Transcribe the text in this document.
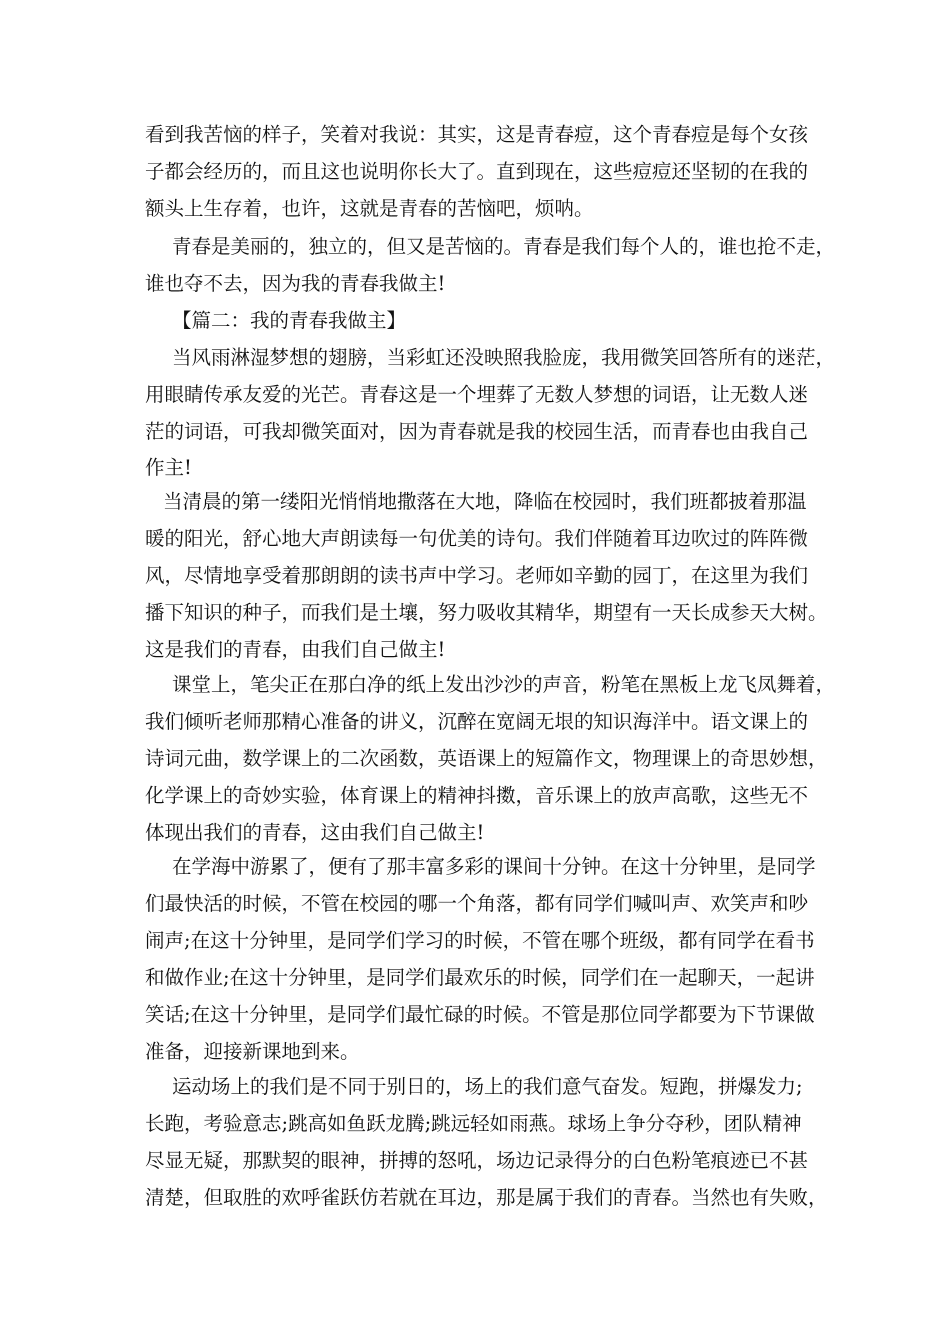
看到我苦恼的样子，笑着对我说：其实，这是青春痘，这个青春痘是每个女孩
子都会经历的，而且这也说明你长大了。直到现在，这些痘痘还坚韧的在我的
额头上生存着，也许，这就是青春的苦恼吧，烦呐。
青春是美丽的，独立的，但又是苦恼的。青春是我们每个人的，谁也抢不走，
谁也夺不去，因为我的青春我做主!
【篇二：我的青春我做主】
当风雨淋湿梦想的翅膀，当彩虹还没映照我脸庞，我用微笑回答所有的迷茫，
用眼睛传承友爱的光芒。青春这是一个埋葬了无数人梦想的词语，让无数人迷
茫的词语，可我却微笑面对，因为青春就是我的校园生活，而青春也由我自己
作主!
当清晨的第一缕阳光悄悄地撒落在大地，降临在校园时，我们班都披着那温
暖的阳光，舒心地大声朗读每一句优美的诗句。我们伴随着耳边吹过的阵阵微
风，尽情地享受着那朗朗的读书声中学习。老师如辛勤的园丁，在这里为我们
播下知识的种子，而我们是土壤，努力吸收其精华，期望有一天长成参天大树。
这是我们的青春，由我们自己做主!
课堂上，笔尖正在那白净的纸上发出沙沙的声音，粉笔在黑板上龙飞凤舞着，
我们倾听老师那精心准备的讲义，沉醉在宽阔无垠的知识海洋中。语文课上的
诗词元曲，数学课上的二次函数，英语课上的短篇作文，物理课上的奇思妙想，
化学课上的奇妙实验，体育课上的精神抖擞，音乐课上的放声高歌，这些无不
体现出我们的青春，这由我们自己做主!
在学海中游累了，便有了那丰富多彩的课间十分钟。在这十分钟里，是同学
们最快活的时候，不管在校园的哪一个角落，都有同学们喊叫声、欢笑声和吵
闹声;在这十分钟里，是同学们学习的时候，不管在哪个班级，都有同学在看书
和做作业;在这十分钟里，是同学们最欢乐的时候，同学们在一起聊天，一起讲
笑话;在这十分钟里，是同学们最忙碌的时候。不管是那位同学都要为下节课做
准备，迎接新课地到来。
运动场上的我们是不同于别日的，场上的我们意气奋发。短跑，拼爆发力;
长跑，考验意志;跳高如鱼跃龙腾;跳远轻如雨燕。球场上争分夺秒，团队精神
尽显无疑，那默契的眼神，拼搏的怒吼，场边记录得分的白色粉笔痕迹已不甚
清楚，但取胜的欢呼雀跃仿若就在耳边，那是属于我们的青春。当然也有失败，
